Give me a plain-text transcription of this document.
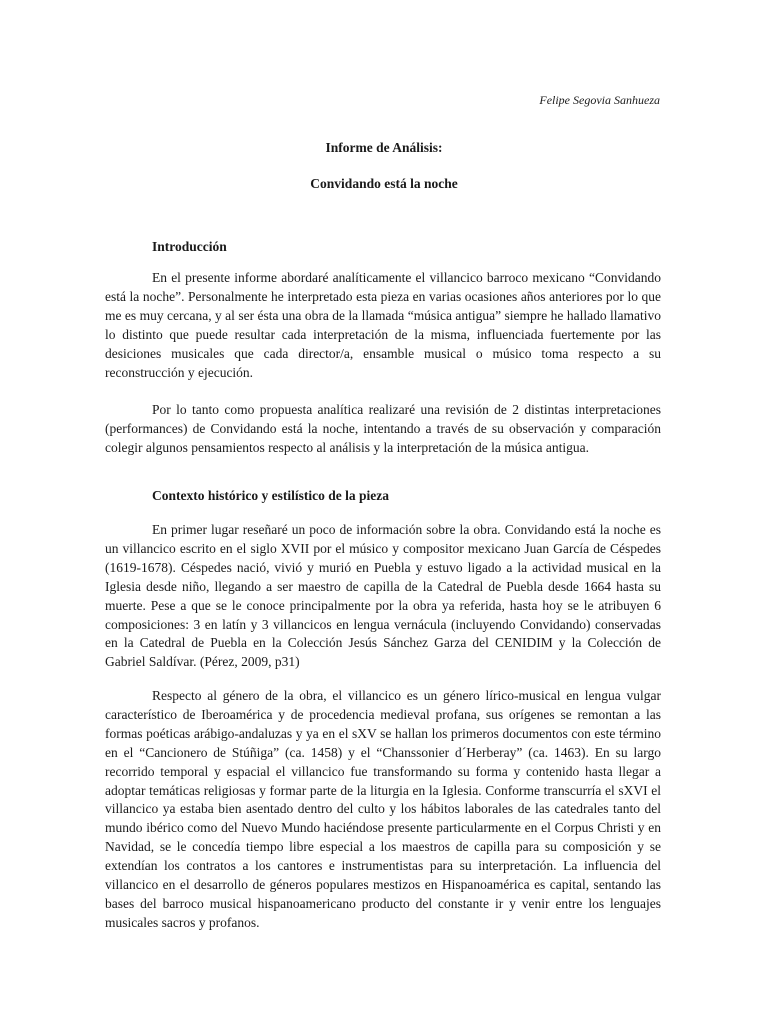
Felipe Segovia Sanhueza
Informe de Análisis:
Convidando está la noche
Introducción

En el presente informe abordaré analíticamente el villancico barroco mexicano “Convidando está la noche”. Personalmente he interpretado esta pieza en varias ocasiones años anteriores por lo que me es muy cercana, y al ser ésta una obra de la llamada “música antigua” siempre he hallado llamativo lo distinto que puede resultar cada interpretación de la misma, influenciada fuertemente por las desiciones musicales que cada director/a, ensamble musical o músico toma respecto a su reconstrucción y ejecución.

Por lo tanto como propuesta analítica realizaré una revisión de 2 distintas interpretaciones (performances) de Convidando está la noche, intentando a través de su observación y comparación colegir algunos pensamientos respecto al análisis y la interpretación de la música antigua.

Contexto histórico y estilístico de la pieza

En primer lugar reseñaré un poco de información sobre la obra. Convidando está la noche es un villancico escrito en el siglo XVII por el músico y compositor mexicano Juan García de Céspedes (1619-1678). Céspedes nació, vivió y murió en Puebla y estuvo ligado a la actividad musical en la Iglesia desde niño, llegando a ser maestro de capilla de la Catedral de Puebla desde 1664 hasta su muerte. Pese a que se le conoce principalmente por la obra ya referida, hasta hoy se le atribuyen 6 composiciones: 3 en latín y 3 villancicos en lengua vernácula (incluyendo Convidando) conservadas en la Catedral de Puebla en la Colección Jesús Sánchez Garza del CENIDIM y la Colección de Gabriel Saldívar. (Pérez, 2009, p31)

Respecto al género de la obra, el villancico es un género lírico-musical en lengua vulgar característico de Iberoamérica y de procedencia medieval profana, sus orígenes se remontan a las formas poéticas arábigo-andaluzas y ya en el sXV se hallan los primeros documentos con este término en el “Cancionero de Stúñiga” (ca. 1458) y el “Chanssonier d´Herberay” (ca. 1463). En su largo recorrido temporal y espacial el villancico fue transformando su forma y contenido hasta llegar a adoptar temáticas religiosas y formar parte de la liturgia en la Iglesia. Conforme transcurría el sXVI el villancico ya estaba bien asentado dentro del culto y los hábitos laborales de las catedrales tanto del mundo ibérico como del Nuevo Mundo haciéndose presente particularmente en el Corpus Christi y en Navidad, se le concedía tiempo libre especial a los maestros de capilla para su composición y se extendían los contratos a los cantores e instrumentistas para su interpretación. La influencia del villancico en el desarrollo de géneros populares mestizos en Hispanoamérica es capital, sentando las bases del barroco musical hispanoamericano producto del constante ir y venir entre los lenguajes musicales sacros y profanos.
